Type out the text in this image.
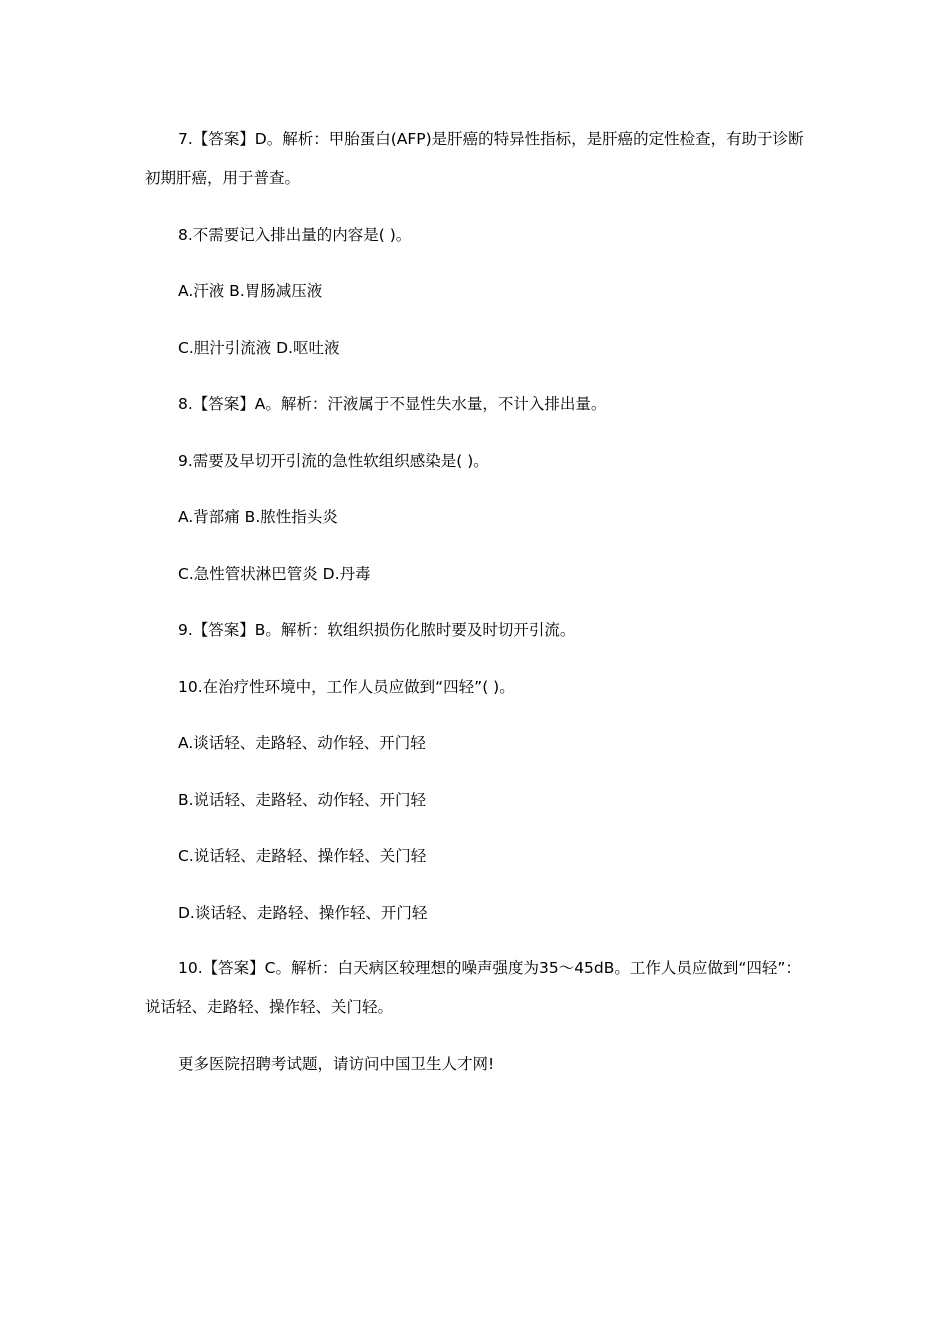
7.【答案】D。解析：甲胎蛋白(AFP)是肝癌的特异性指标，是肝癌的定性检查，有助于诊断初期肝癌，用于普查。

8.不需要记入排出量的内容是( )。

A.汗液 B.胃肠减压液

C.胆汁引流液 D.呕吐液

8.【答案】A。解析：汗液属于不显性失水量，不计入排出量。

9.需要及早切开引流的急性软组织感染是( )。

A.背部痛 B.脓性指头炎

C.急性管状淋巴管炎 D.丹毒

9.【答案】B。解析：软组织损伤化脓时要及时切开引流。

10.在治疗性环境中，工作人员应做到“四轻”( )。

A.谈话轻、走路轻、动作轻、开门轻

B.说话轻、走路轻、动作轻、开门轻

C.说话轻、走路轻、操作轻、关门轻

D.谈话轻、走路轻、操作轻、开门轻

10.【答案】C。解析：白天病区较理想的噪声强度为35～45dB。工作人员应做到“四轻”：说话轻、走路轻、操作轻、关门轻。

更多医院招聘考试题，请访问中国卫生人才网!
